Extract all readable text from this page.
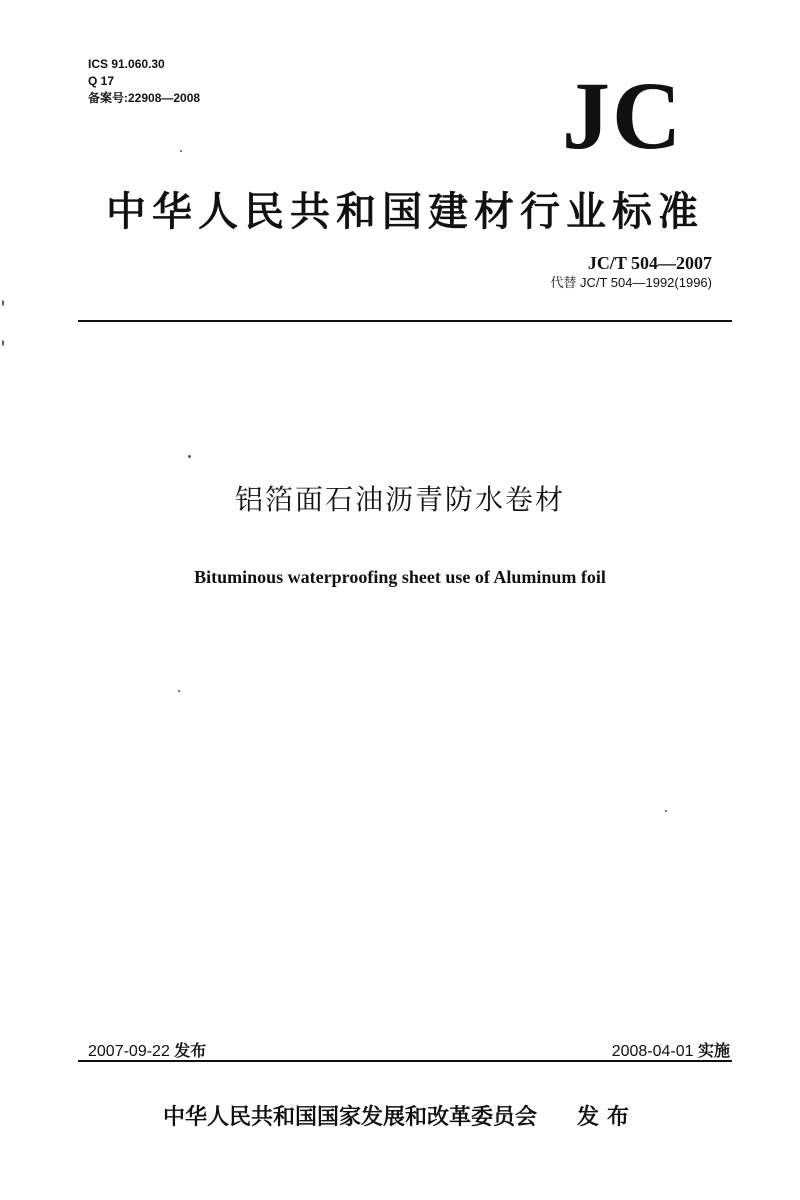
ICS 91.060.30
Q 17
备案号:22908—2008	JC
中华人民共和国建材行业标准
JC/T 504—2007
代替 JC/T 504—1992(1996)
铝箔面石油沥青防水卷材
Bituminous waterproofing sheet use of Aluminum foil
2007-09-22 发布	2008-04-01 实施
中华人民共和国国家发展和改革委员会 发布
